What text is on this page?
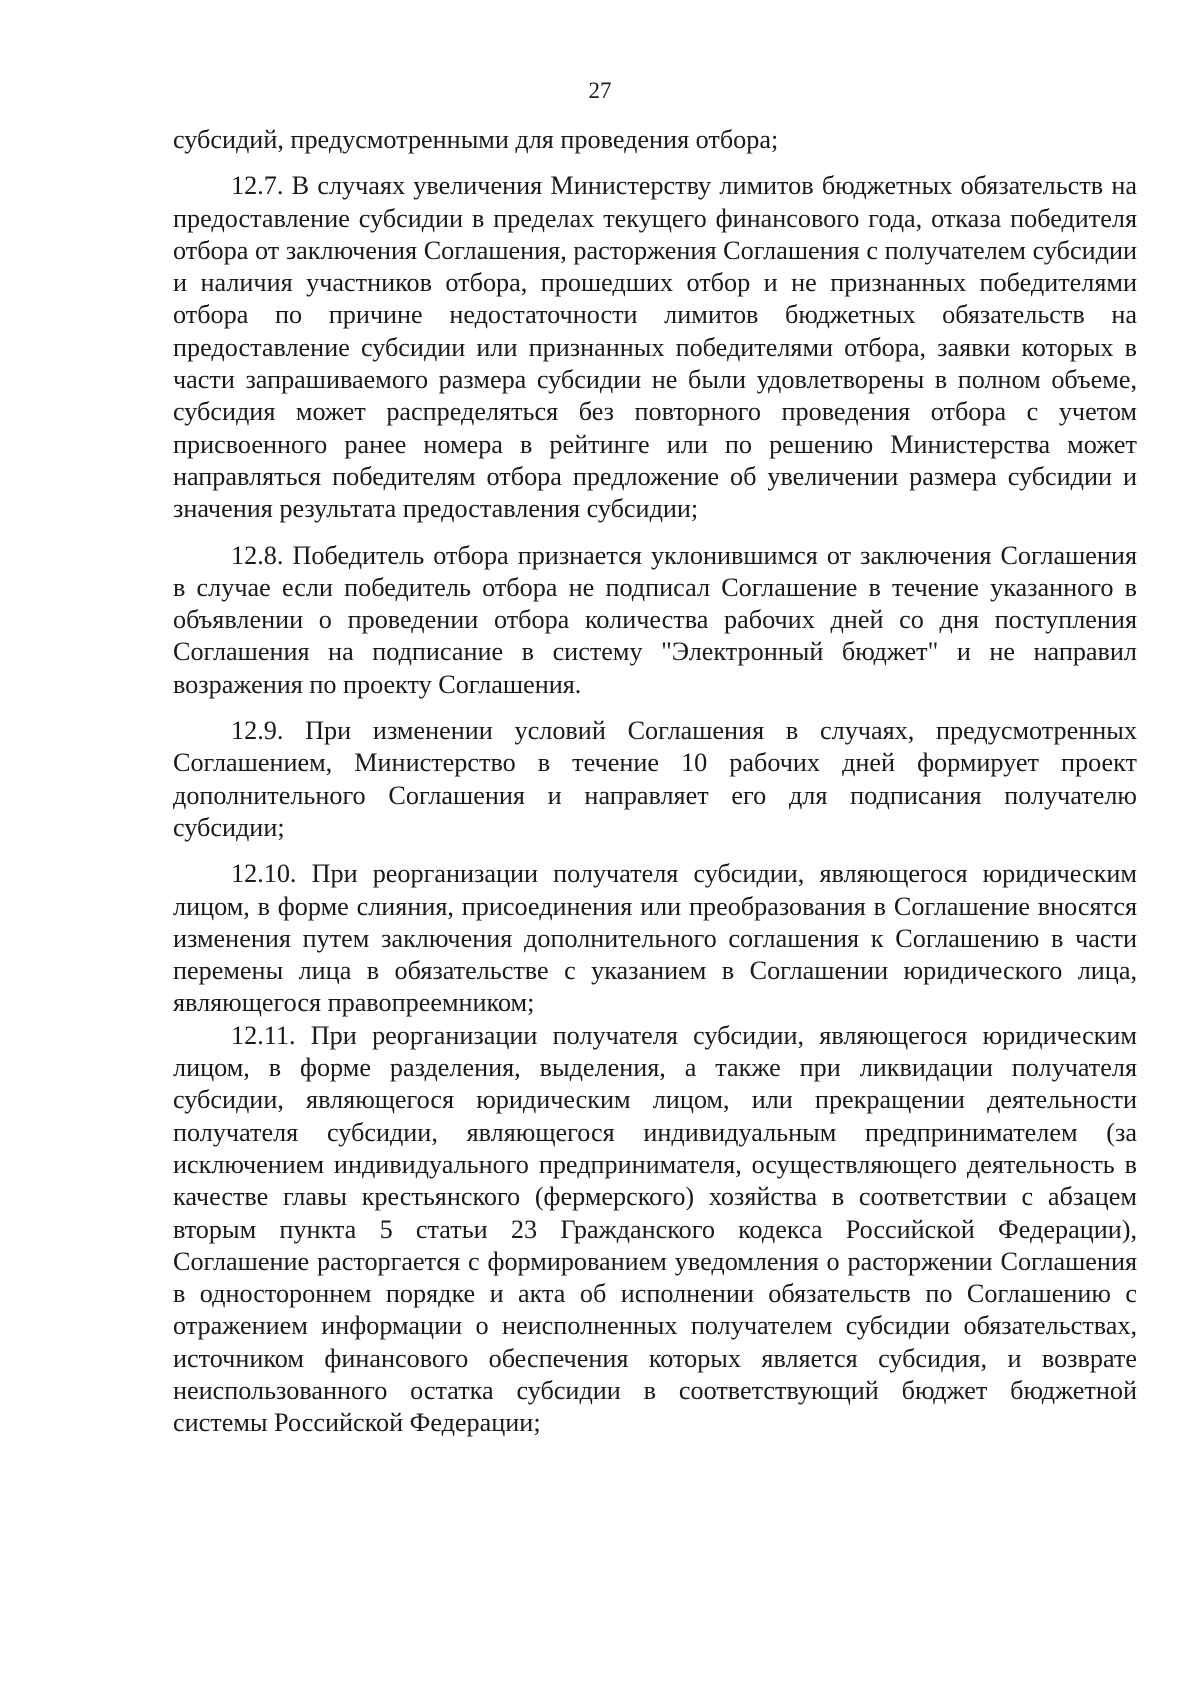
27

субсидий, предусмотренными для проведения отбора;

12.7. В случаях увеличения Министерству лимитов бюджетных обязательств на предоставление субсидии в пределах текущего финансового года, отказа победителя отбора от заключения Соглашения, расторжения Соглашения с получателем субсидии и наличия участников отбора, прошедших отбор и не признанных победителями отбора по причине недостаточности лимитов бюджетных обязательств на предоставление субсидии или признанных победителями отбора, заявки которых в части запрашиваемого размера субсидии не были удовлетворены в полном объеме, субсидия может распределяться без повторного проведения отбора с учетом присвоенного ранее номера в рейтинге или по решению Министерства может направляться победителям отбора предложение об увеличении размера субсидии и значения результата предоставления субсидии;

12.8. Победитель отбора признается уклонившимся от заключения Соглашения в случае если победитель отбора не подписал Соглашение в течение указанного в объявлении о проведении отбора количества рабочих дней со дня поступления Соглашения на подписание в систему "Электронный бюджет" и не направил возражения по проекту Соглашения.

12.9. При изменении условий Соглашения в случаях, предусмотренных Соглашением, Министерство в течение 10 рабочих дней формирует проект дополнительного Соглашения и направляет его для подписания получателю субсидии;

12.10. При реорганизации получателя субсидии, являющегося юридическим лицом, в форме слияния, присоединения или преобразования в Соглашение вносятся изменения путем заключения дополнительного соглашения к Соглашению в части перемены лица в обязательстве с указанием в Соглашении юридического лица, являющегося правопреемником;

12.11. При реорганизации получателя субсидии, являющегося юридическим лицом, в форме разделения, выделения, а также при ликвидации получателя субсидии, являющегося юридическим лицом, или прекращении деятельности получателя субсидии, являющегося индивидуальным предпринимателем (за исключением индивидуального предпринимателя, осуществляющего деятельность в качестве главы крестьянского (фермерского) хозяйства в соответствии с абзацем вторым пункта 5 статьи 23 Гражданского кодекса Российской Федерации), Соглашение расторгается с формированием уведомления о расторжении Соглашения в одностороннем порядке и акта об исполнении обязательств по Соглашению с отражением информации о неисполненных получателем субсидии обязательствах, источником финансового обеспечения которых является субсидия, и возврате неиспользованного остатка субсидии в соответствующий бюджет бюджетной системы Российской Федерации;
